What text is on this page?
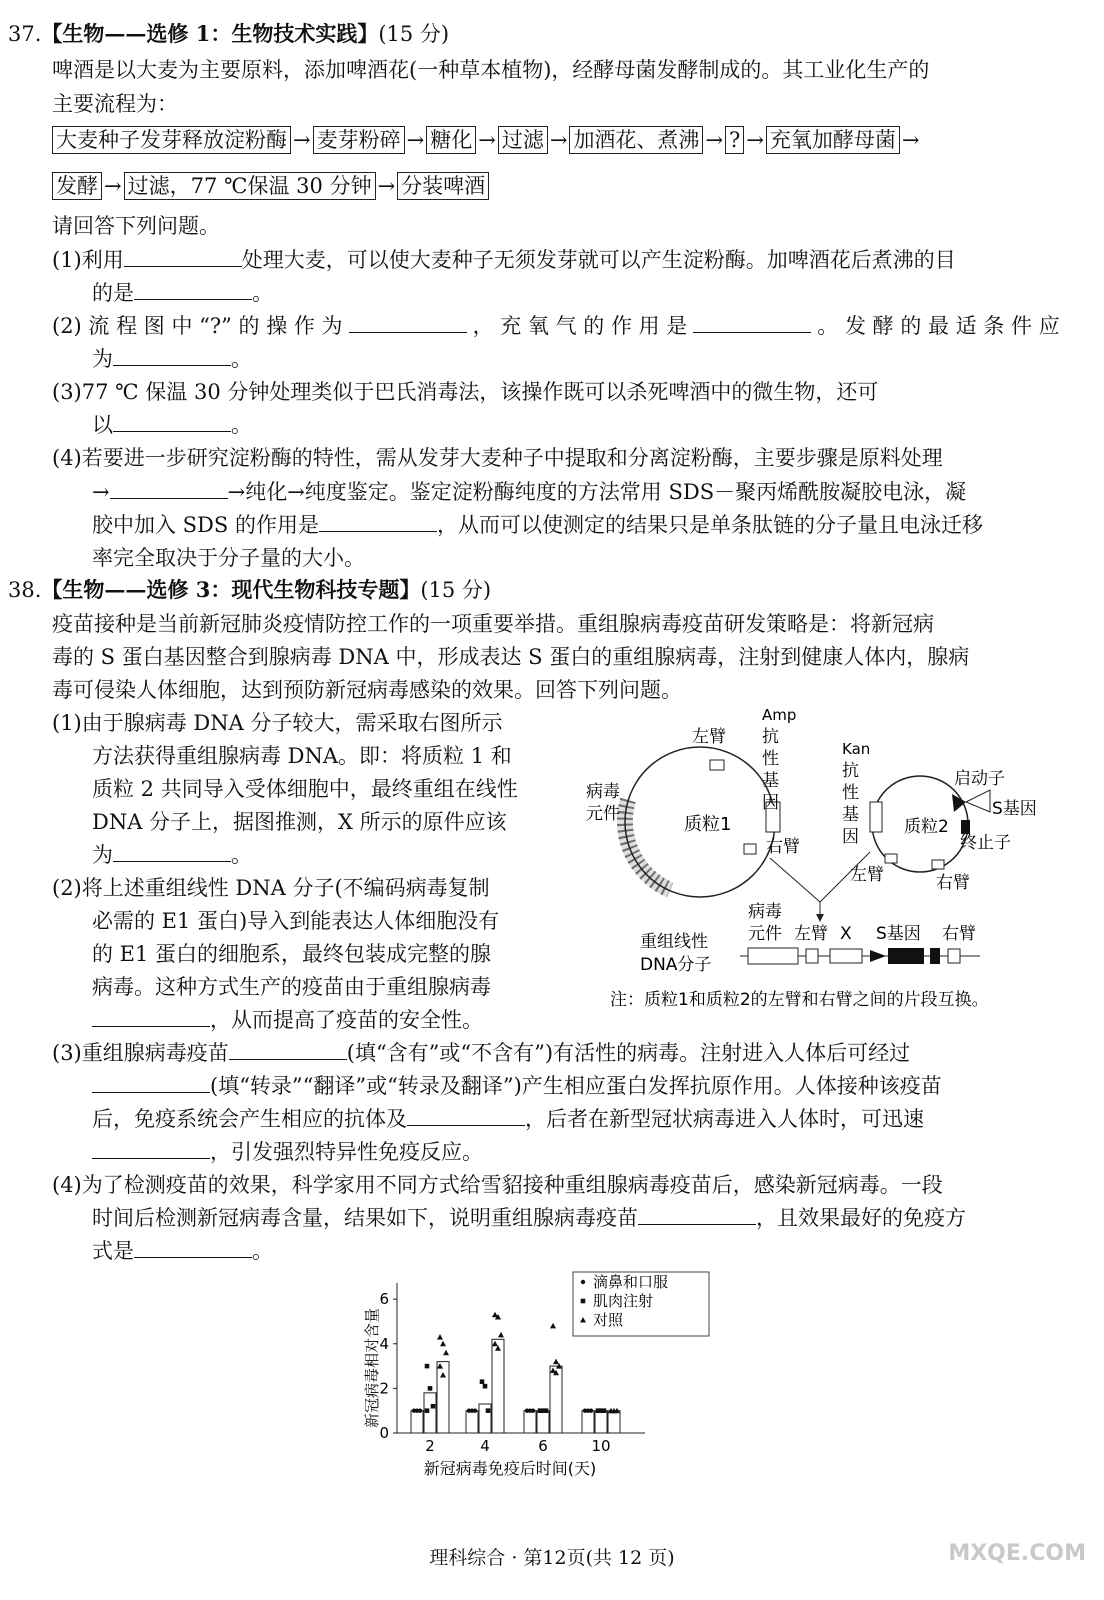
37.【生物——选修 1：生物技术实践】(15 分)
啤酒是以大麦为主要原料，添加啤酒花(一种草本植物)，经酵母菌发酵制成的。其工业化生产的
主要流程为：
大麦种子发芽释放淀粉酶 → 麦芽粉碎 → 糖化 → 过滤 → 加酒花、煮沸 → ? → 充氧加酵母菌 →
发酵 → 过滤，77 ℃保温 30 分钟 → 分装啤酒
请回答下列问题。
(1)利用	处理大麦，可以使大麦种子无须发芽就可以产生淀粉酶。加啤酒花后煮沸的目
的是	。
(2) 流 程 图 中 “?” 的 操 作 为	， 充 氧 气 的 作 用 是	。 发 酵 的 最 适 条 件 应
为	。
(3)77 ℃ 保温 30 分钟处理类似于巴氏消毒法，该操作既可以杀死啤酒中的微生物，还可
以	。
(4)若要进一步研究淀粉酶的特性，需从发芽大麦种子中提取和分离淀粉酶，主要步骤是原料处理
→	→纯化→纯度鉴定。鉴定淀粉酶纯度的方法常用 SDS－聚丙烯酰胺凝胶电泳，凝
胶中加入 SDS 的作用是	，从而可以使测定的结果只是单条肽链的分子量且电泳迁移
率完全取决于分子量的大小。
38.【生物——选修 3：现代生物科技专题】(15 分)
疫苗接种是当前新冠肺炎疫情防控工作的一项重要举措。重组腺病毒疫苗研发策略是：将新冠病
毒的 S 蛋白基因整合到腺病毒 DNA 中，形成表达 S 蛋白的重组腺病毒，注射到健康人体内，腺病
毒可侵染人体细胞，达到预防新冠病毒感染的效果。回答下列问题。
(1)由于腺病毒 DNA 分子较大，需采取右图所示
方法获得重组腺病毒 DNA。即：将质粒 1 和
质粒 2 共同导入受体细胞中，最终重组在线性
DNA 分子上，据图推测，X 所示的原件应该
为	。
(2)将上述重组线性 DNA 分子(不编码病毒复制
必需的 E1 蛋白)导入到能表达人体细胞没有
的 E1 蛋白的细胞系，最终包装成完整的腺
病毒。这种方式生产的疫苗由于重组腺病毒
，从而提高了疫苗的安全性。
质粒1
病毒
元件
左臂
右臂
Amp
抗
性
基
因
质粒2
Kan
抗
性
基
因
启动子
S基因
终止子
左臂	右臂
重组线性
DNA分子
病毒
元件 左臂 X S基因 右臂
注：质粒1和质粒2的左臂和右臂之间的片段互换。
(3)重组腺病毒疫苗	(填“含有”或“不含有”)有活性的病毒。注射进入人体后可经过
(填“转录”“翻译”或“转录及翻译”)产生相应蛋白发挥抗原作用。人体接种该疫苗
后，免疫系统会产生相应的抗体及	，后者在新型冠状病毒进入人体时，可迅速
，引发强烈特异性免疫反应。
(4)为了检测疫苗的效果，科学家用不同方式给雪貂接种重组腺病毒疫苗后，感染新冠病毒。一段
时间后检测新冠病毒含量，结果如下，说明重组腺病毒疫苗	，且效果最好的免疫方
式是	。
新冠病毒相对含量
新冠病毒免疫后时间(天)
0
2
4
6
2	4	6	10
滴鼻和口服
肌肉注射
对照
理科综合 · 第12页(共 12 页)	MXQE.COM
